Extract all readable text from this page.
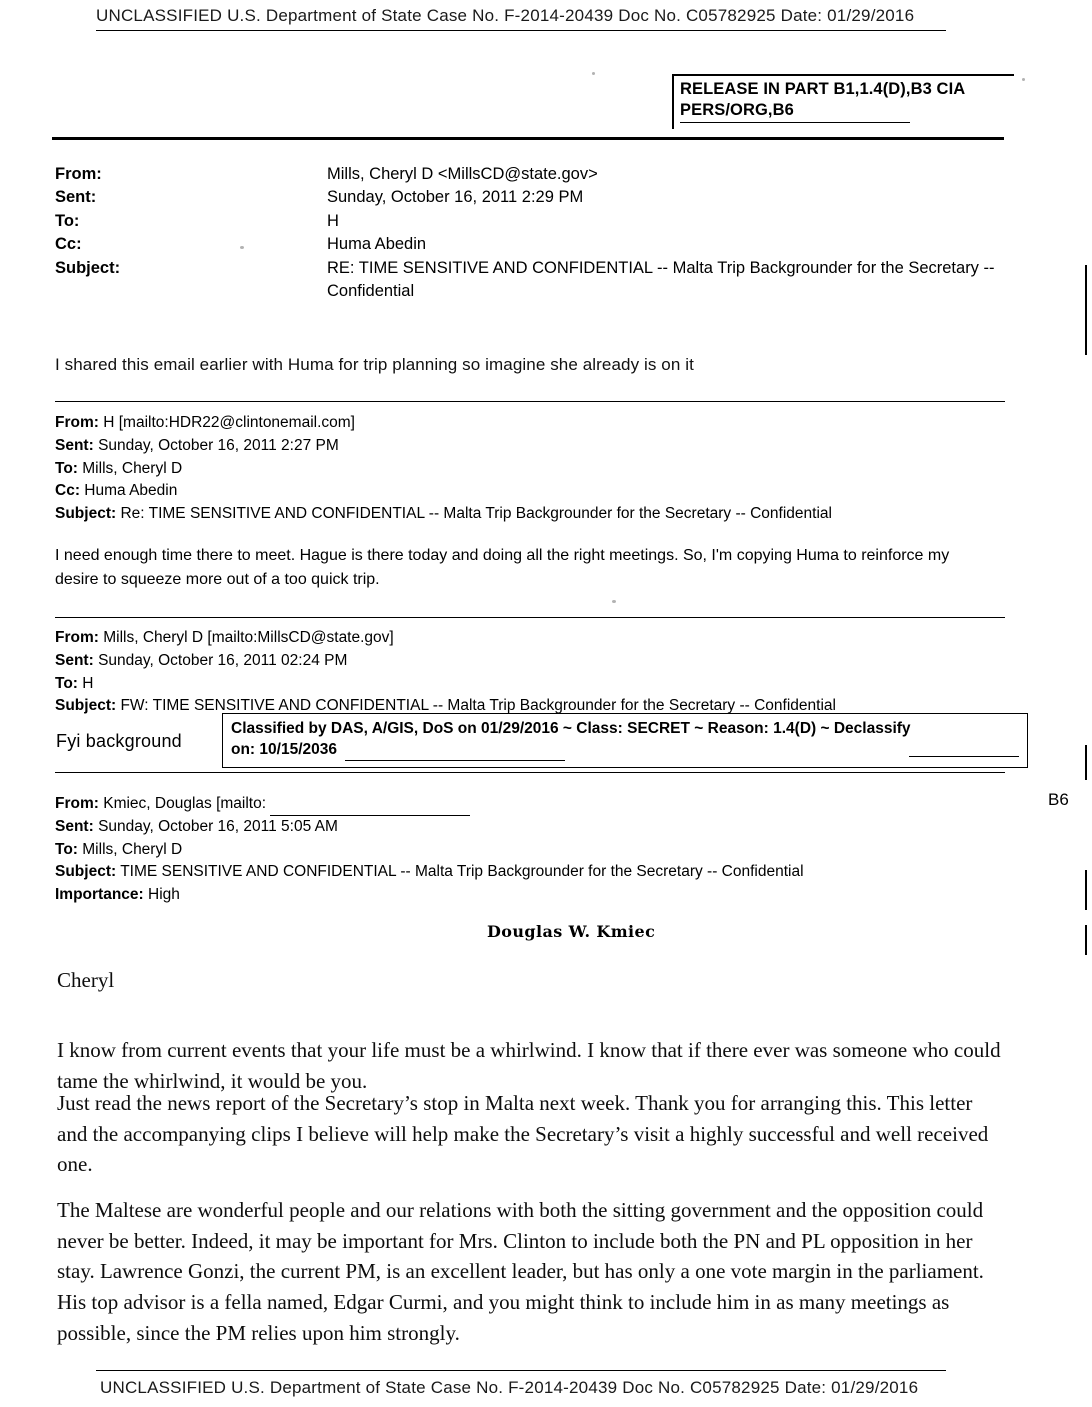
UNCLASSIFIED U.S. Department of State Case No. F-2014-20439 Doc No. C05782925 Date: 01/29/2016
RELEASE IN PART B1,1.4(D),B3 CIA
PERS/ORG,B6
From:	Mills, Cheryl D <MillsCD@state.gov>
Sent:	Sunday, October 16, 2011 2:29 PM
To:	H
Cc:	Huma Abedin
Subject:	RE: TIME SENSITIVE AND CONFIDENTIAL -- Malta Trip Backgrounder for the Secretary --
Confidential
I shared this email earlier with Huma for trip planning so imagine she already is on it
From: H [mailto:HDR22@clintonemail.com]
Sent: Sunday, October 16, 2011 2:27 PM
To: Mills, Cheryl D
Cc: Huma Abedin
Subject: Re: TIME SENSITIVE AND CONFIDENTIAL -- Malta Trip Backgrounder for the Secretary -- Confidential
I need enough time there to meet. Hague is there today and doing all the right meetings. So, I'm copying Huma to reinforce my desire to squeeze more out of a too quick trip.
From: Mills, Cheryl D [mailto:MillsCD@state.gov]
Sent: Sunday, October 16, 2011 02:24 PM
To: H
Subject: FW: TIME SENSITIVE AND CONFIDENTIAL -- Malta Trip Backgrounder for the Secretary -- Confidential
Fyi background
Classified by DAS, A/GIS, DoS on 01/29/2016 ~ Class: SECRET ~ Reason: 1.4(D) ~ Declassify
on: 10/15/2036
B6
From: Kmiec, Douglas [mailto:
Sent: Sunday, October 16, 2011 5:05 AM
To: Mills, Cheryl D
Subject: TIME SENSITIVE AND CONFIDENTIAL -- Malta Trip Backgrounder for the Secretary -- Confidential
Importance: High
Douglas W. Kmiec
Cheryl
I know from current events that your life must be a whirlwind. I know that if there ever was someone who could tame the whirlwind, it would be you.
Just read the news report of the Secretary’s stop in Malta next week. Thank you for arranging this. This letter and the accompanying clips I believe will help make the Secretary’s visit a highly successful and well received one.
The Maltese are wonderful people and our relations with both the sitting government and the opposition could never be better. Indeed, it may be important for Mrs. Clinton to include both the PN and PL opposition in her stay. Lawrence Gonzi, the current PM, is an excellent leader, but has only a one vote margin in the parliament. His top advisor is a fella named, Edgar Curmi, and you might think to include him in as many meetings as possible, since the PM relies upon him strongly.
UNCLASSIFIED U.S. Department of State Case No. F-2014-20439 Doc No. C05782925 Date: 01/29/2016
